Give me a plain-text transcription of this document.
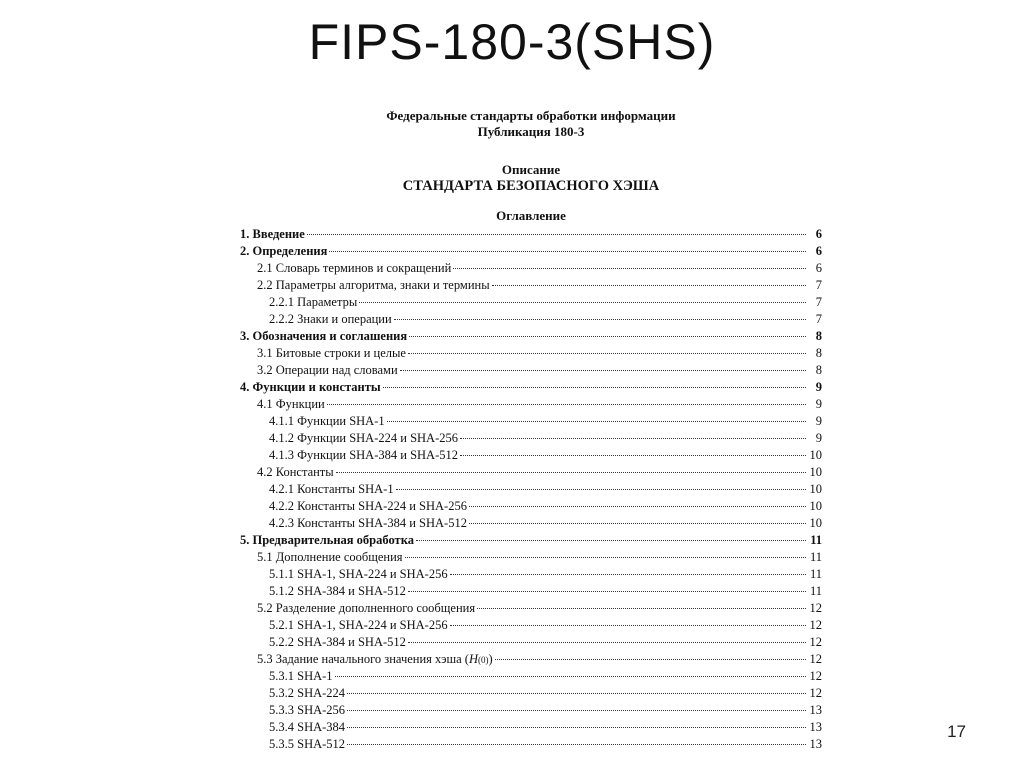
FIPS-180-3(SHS)
Федеральные стандарты обработки информации
Публикация 180-3
Описание
СТАНДАРТА БЕЗОПАСНОГО ХЭША
Оглавление
1. Введение	6
2. Определения	6
2.1 Словарь терминов и сокращений	6
2.2 Параметры алгоритма, знаки и термины	7
2.2.1 Параметры	7
2.2.2 Знаки и операции	7
3. Обозначения и соглашения	8
3.1 Битовые строки и целые	8
3.2 Операции над словами	8
4. Функции и константы	9
4.1 Функции	9
4.1.1 Функции SHA-1	9
4.1.2 Функции SHA-224 и SHA-256	9
4.1.3 Функции SHA-384 и SHA-512	10
4.2 Константы	10
4.2.1 Константы SHA-1	10
4.2.2 Константы SHA-224 и SHA-256	10
4.2.3 Константы SHA-384 и SHA-512	10
5. Предварительная обработка	11
5.1 Дополнение сообщения	11
5.1.1 SHA-1, SHA-224 и SHA-256	11
5.1.2 SHA-384 и SHA-512	11
5.2 Разделение дополненного сообщения	12
5.2.1 SHA-1, SHA-224 и SHA-256	12
5.2.2 SHA-384 и SHA-512	12
5.3 Задание начального значения хэша ( H (0) )	12
5.3.1 SHA-1	12
5.3.2 SHA-224	12
5.3.3 SHA-256	13
5.3.4 SHA-384	13
5.3.5 SHA-512	13
17
